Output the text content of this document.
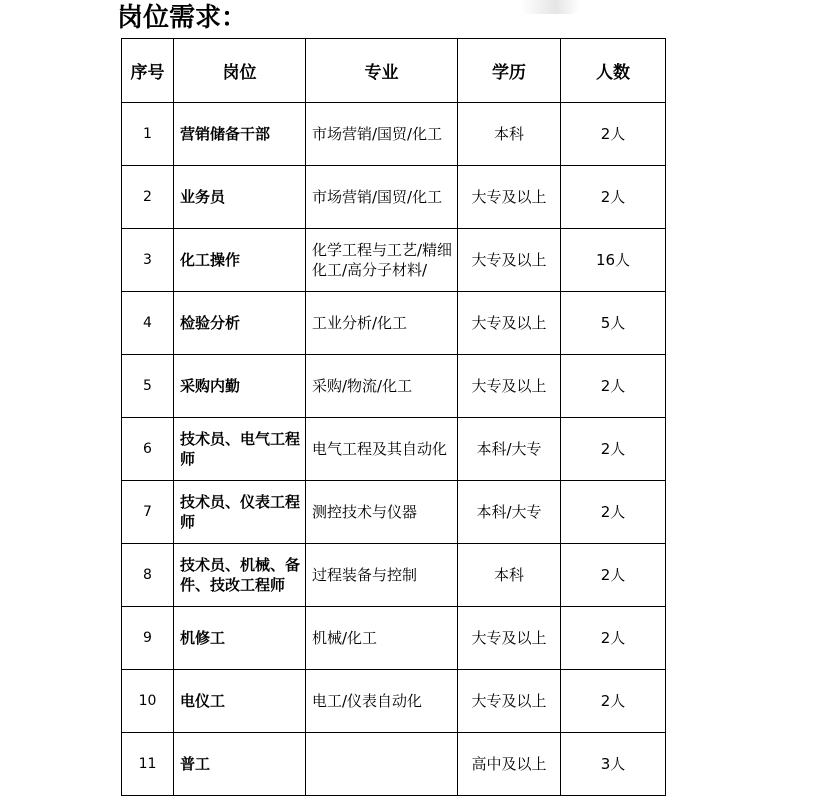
岗位需求：
序号	岗位	专业	学历	人数
1	营销储备干部	市场营销/国贸/化工	本科	2人
2	业务员	市场营销/国贸/化工	大专及以上	2人
3	化工操作	化学工程与工艺/精细化工/高分子材料/	大专及以上	16人
4	检验分析	工业分析/化工	大专及以上	5人
5	采购内勤	采购/物流/化工	大专及以上	2人
6	技术员、电气工程师	电气工程及其自动化	本科/大专	2人
7	技术员、仪表工程师	测控技术与仪器	本科/大专	2人
8	技术员、机械、备件、技改工程师	过程装备与控制	本科	2人
9	机修工	机械/化工	大专及以上	2人
10	电仪工	电工/仪表自动化	大专及以上	2人
11	普工		高中及以上	3人
